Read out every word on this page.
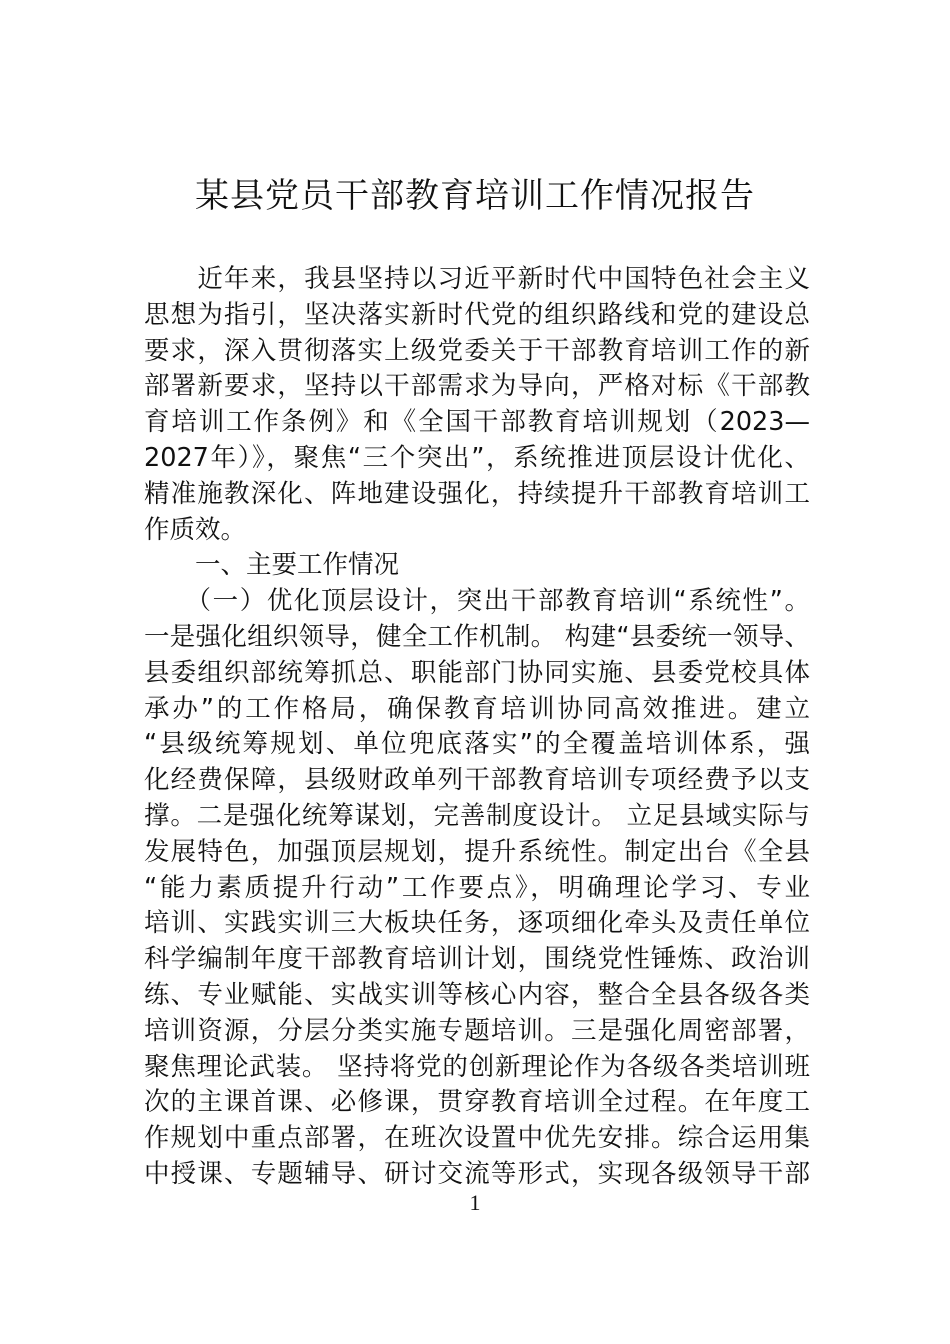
某县党员干部教育培训工作情况报告
　　近年来，我县坚持以习近平新时代中国特色社会主义
思想为指引，坚决落实新时代党的组织路线和党的建设总
要求，深入贯彻落实上级党委关于干部教育培训工作的新
部署新要求，坚持以干部需求为导向，严格对标《干部教
育培训工作条例》和《全国干部教育培训规划（2023—
2027年）》，聚焦“三个突出”，系统推进顶层设计优化、
精准施教深化、阵地建设强化，持续提升干部教育培训工
作质效。
　　一、主要工作情况
　　（一）优化顶层设计，突出干部教育培训“系统性”。
一是强化组织领导，健全工作机制。 构建“县委统一领导、
县委组织部统筹抓总、职能部门协同实施、县委党校具体
承办”的工作格局，确保教育培训协同高效推进。建立
“县级统筹规划、单位兜底落实”的全覆盖培训体系，强
化经费保障，县级财政单列干部教育培训专项经费予以支
撑。二是强化统筹谋划，完善制度设计。 立足县域实际与
发展特色，加强顶层规划，提升系统性。制定出台《全县
“能力素质提升行动”工作要点》，明确理论学习、专业
培训、实践实训三大板块任务，逐项细化牵头及责任单位
科学编制年度干部教育培训计划，围绕党性锤炼、政治训
练、专业赋能、实战实训等核心内容，整合全县各级各类
培训资源，分层分类实施专题培训。三是强化周密部署，
聚焦理论武装。 坚持将党的创新理论作为各级各类培训班
次的主课首课、必修课，贯穿教育培训全过程。在年度工
作规划中重点部署，在班次设置中优先安排。综合运用集
中授课、专题辅导、研讨交流等形式，实现各级领导干部
1
